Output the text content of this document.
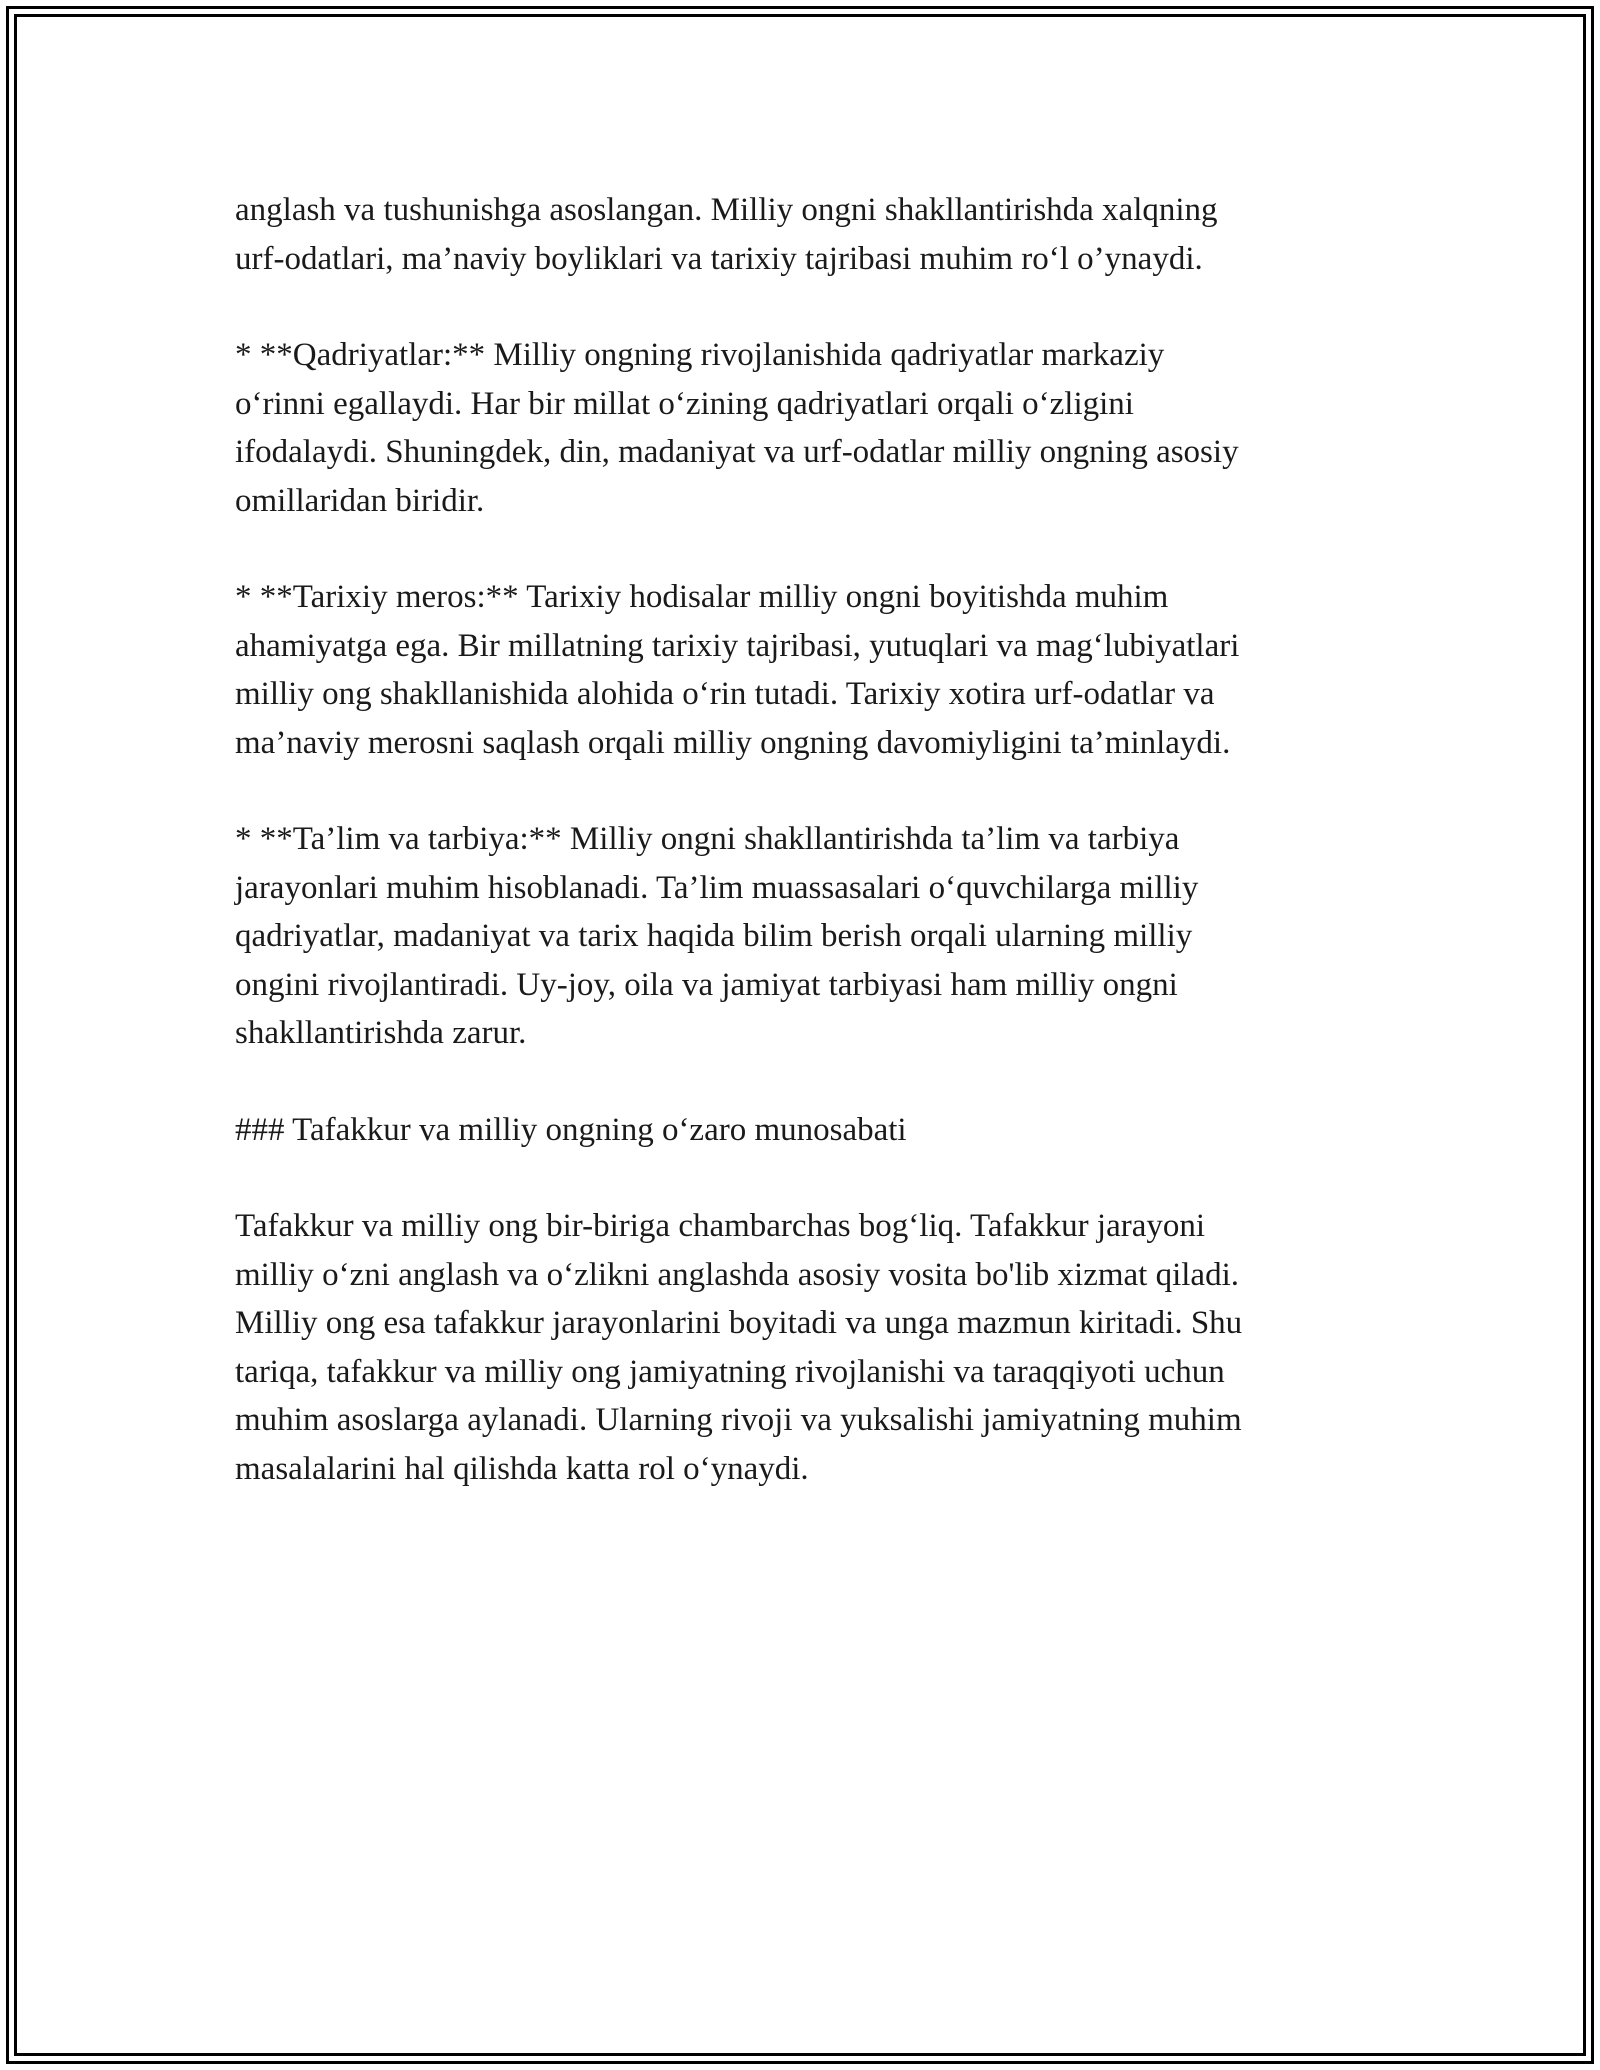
anglash va tushunishga asoslangan. Milliy ongni shakllantirishda xalqning
urf-odatlari, ma’naviy boyliklari va tarixiy tajribasi muhim ro‘l o’ynaydi.

* **Qadriyatlar:** Milliy ongning rivojlanishida qadriyatlar markaziy
o‘rinni egallaydi. Har bir millat o‘zining qadriyatlari orqali o‘zligini
ifodalaydi. Shuningdek, din, madaniyat va urf-odatlar milliy ongning asosiy
omillaridan biridir.

* **Tarixiy meros:** Tarixiy hodisalar milliy ongni boyitishda muhim
ahamiyatga ega. Bir millatning tarixiy tajribasi, yutuqlari va mag‘lubiyatlari
milliy ong shakllanishida alohida o‘rin tutadi. Tarixiy xotira urf-odatlar va
ma’naviy merosni saqlash orqali milliy ongning davomiyligini ta’minlaydi.

* **Ta’lim va tarbiya:** Milliy ongni shakllantirishda ta’lim va tarbiya
jarayonlari muhim hisoblanadi. Ta’lim muassasalari o‘quvchilarga milliy
qadriyatlar, madaniyat va tarix haqida bilim berish orqali ularning milliy
ongini rivojlantiradi. Uy-joy, oila va jamiyat tarbiyasi ham milliy ongni
shakllantirishda zarur.

### Tafakkur va milliy ongning o‘zaro munosabati

Tafakkur va milliy ong bir-biriga chambarchas bog‘liq. Tafakkur jarayoni
milliy o‘zni anglash va o‘zlikni anglashda asosiy vosita bo'lib xizmat qiladi.
Milliy ong esa tafakkur jarayonlarini boyitadi va unga mazmun kiritadi. Shu
tariqa, tafakkur va milliy ong jamiyatning rivojlanishi va taraqqiyoti uchun
muhim asoslarga aylanadi. Ularning rivoji va yuksalishi jamiyatning muhim
masalalarini hal qilishda katta rol o‘ynaydi.
